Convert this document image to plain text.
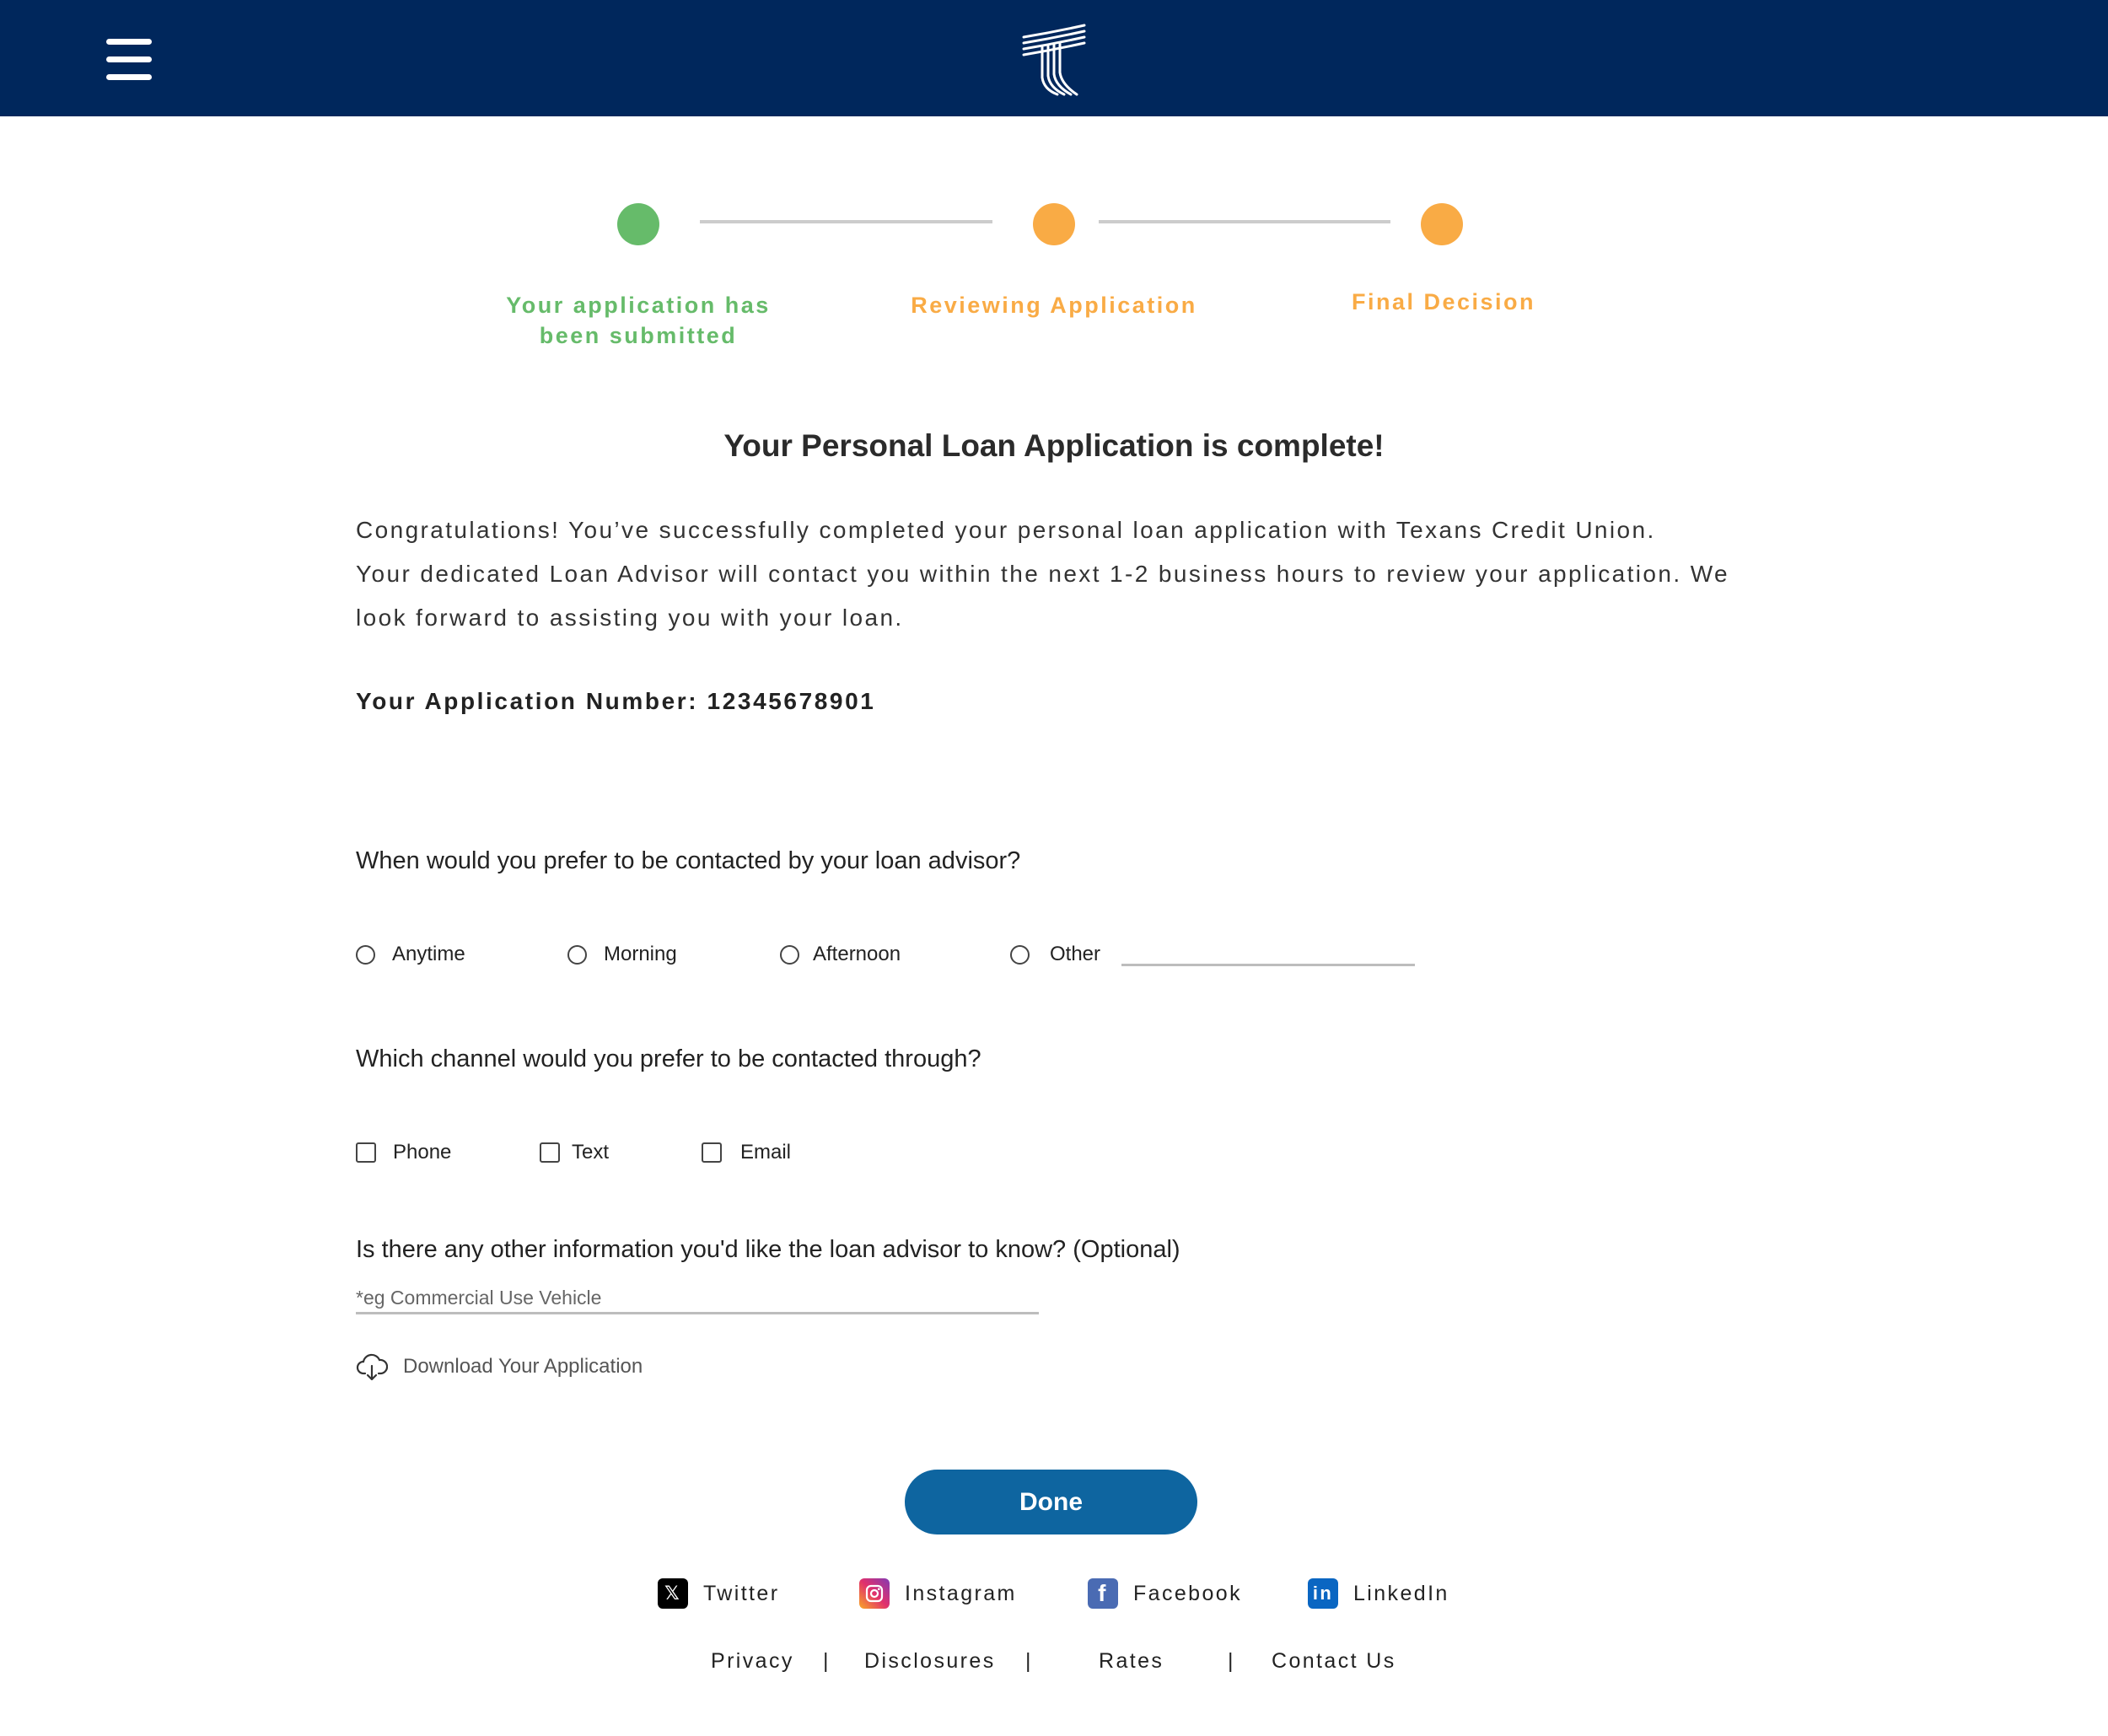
Your application has
been submitted
Reviewing Application	Final Decision
Your Personal Loan Application is complete!
Congratulations! You’ve successfully completed your personal loan application with Texans Credit Union.
Your dedicated Loan Advisor will contact you within the next 1-2 business hours to review your application. We
look forward to assisting you with your loan.
Your Application Number: 12345678901
When would you prefer to be contacted by your loan advisor?
Anytime	Morning	Afternoon	Other
Which channel would you prefer to be contacted through?
Phone	Text	Email
Is there any other information you'd like the loan advisor to know? (Optional)
*eg Commercial Use Vehicle
Download Your Application
Done
𝕏	Twitter	Instagram	f	Facebook	in LinkedIn
Privacy | Disclosures |	Rates	| Contact Us
